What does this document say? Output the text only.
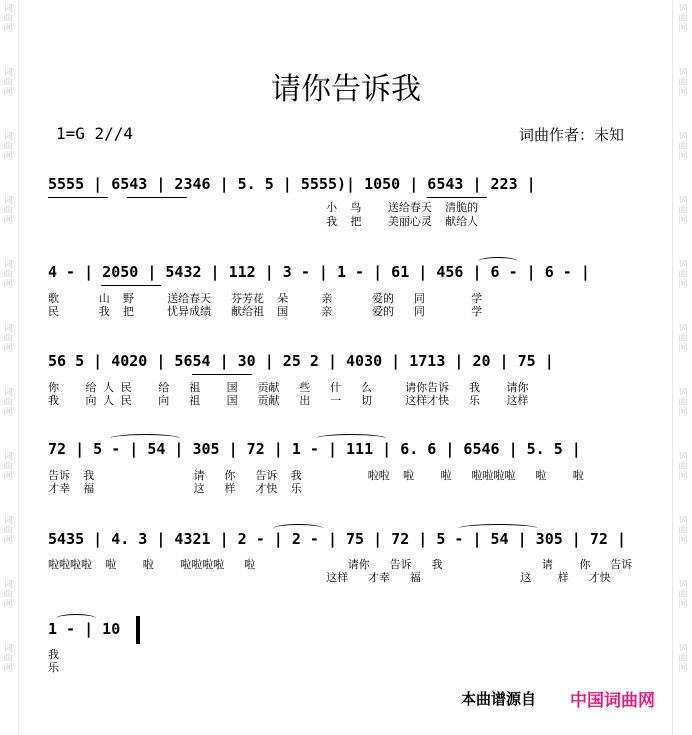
词
曲
网
词
曲
网
词
曲
网
词
曲
网
词
曲
网
词
曲
网
词
曲
网
词
曲
网
词
曲
网
词
曲
网
词
曲
网
词
曲
网
词
曲
网
词
曲
网
词
曲
网
词
曲
网
词
曲
网
词
曲
网
词
曲
网
词
曲
网
词
曲
网
词
曲
网
请你告诉我
1=G 2//4	词曲作者：未知
5555 | 6543 | 2346 | 5. 5 | 5555)| 1050 | 6543 | 223 |
小  鸟    送给春天  清脆的
我  把    美丽心灵  献给人
4 - | 2050 | 5432 | 112 | 3 - | 1 - | 61 | 456 | 6 - | 6 - |
歌      山  野     送给春天   芬芳花  朵     亲      爱的   同       学
民      我  把     忧异成绩   献给祖  国     亲      爱的   同       学
56 5 | 4020 | 5654 | 30 | 25 2 | 4030 | 1713 | 20 | 75 |
你    给 人 民    给   祖    国   贡献   些   什   么     请你告诉   我    请你
我    向 人 民    向   祖    国   贡献   出   一   切     这样才快   乐    这样
72 | 5 - | 54 | 305 | 72 | 1 - | 111 | 6. 6 | 6546 | 5. 5 |
告诉  我               请   你   告诉  我          啦啦  啦    啦   啦啦啦啦   啦    啦
才幸  福               这   样   才快  乐
5435 | 4. 3 | 4321 | 2 - | 2 - | 75 | 72 | 5 - | 54 | 305 | 72 |
啦啦啦啦  啦    啦    啦啦啦啦   啦              请你   告诉   我               请    你   告诉
这样   才幸   福               这    样   才快
1 - | 10
我
乐
本曲谱源自 中国词曲网
